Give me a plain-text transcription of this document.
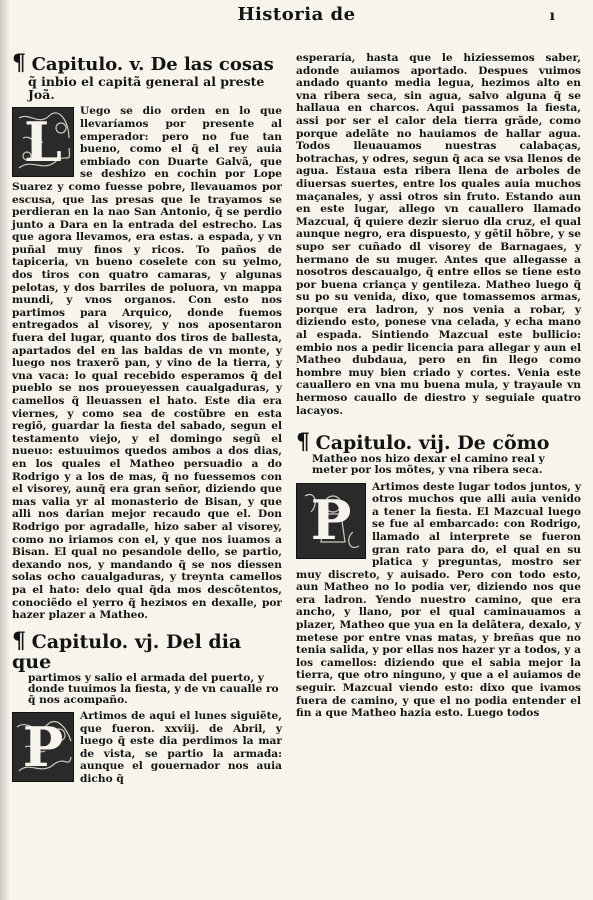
Historia de	ı
¶ Capitulo. v. De las cosas
q̃ inbio el capitã general al preste Joã.
L	Uego se dio orden en lo que llevaríamos por presente al emperador: pero no fue tan bueno, como el q̃ el rey auia embiado con Duarte Galvã, que se deshizo en cochin por Lope Suarez y como fuesse pobre, llevauamos por escusa, que las presas que le trayamos se perdieran en la nao San Antonio, q̃ se perdio junto a Dara en la entrada del estrecho. Las que agora llevamos, era estas. a espada, y vn puñal muy finos y ricos. To paños de tapiceria, vn bueno coselete con su yelmo, dos tiros con quatro camaras, y algunas pelotas, y dos barriles de poluora, vn mappa mundi, y vnos organos. Con esto nos partimos para Arquico, donde fuemos entregados al visorey, y nos aposentaron fuera del lugar, quanto dos tiros de ballesta, apartados del en las baldas de vn monte, y luego nos traxerõ pan, y vino de la tierra, y vna vaca: lo qual recebido esperamos q̃ del pueblo se nos proueyessen caualgaduras, y camellos q̃ lleuassen el hato. Este dia era viernes, y como sea de costũbre en esta regiõ, guardar la fiesta del sabado, segun el testamento viejo, y el domingo segũ el nueuo: estuuimos quedos ambos a dos dias, en los quales el Matheo persuadio a do Rodrigo y a los de mas, q̃ no fuessemos con el visorey, aunq̃ era gran señor, diziendo que mas valia yr al monasterio de Bisan, y que alli nos darian mejor recaudo que el. Don Rodrigo por agradalle, hizo saber al visorey, como no iriamos con el, y que nos iuamos a Bisan. El qual no pesandole dello, se partio, dexando nos, y mandando q̃ se nos diessen solas ocho caualgaduras, y treynta camellos pa el hato: delo qual q̃da mos descõtentos, conociẽdo el yerro q̃ heziмos en dexalle, por hazer plazer a Matheo.

¶ Capitulo. vj. Del dia que
partimos y salio el armada del puerto, y donde tuuimos la fiesta, y de vn caualle ro q̃ nos acompaño.
P	Artimos de aqui el lunes siguiẽte, que fueron. xxviij. de Abril, y luego q̃ este dia perdimos la mar de vista, se partio la armada: aunque el gouernador nos auia dicho q̃

esperaría, hasta que le hiziessemos saber, adonde auiamos aportado. Despues vuimos andado quanto media legua, hezimos alto en vna ribera seca, sin agua, salvo alguna q̃ se hallaua en charcos. Aqui passamos la fiesta, assi por ser el calor dela tierra grãde, como porque adelãte no hauiamos de hallar agua. Todos lleuauamos nuestras calabaças, botrachas, y odres, segun q̃ aca se vsa llenos de agua. Estaua esta ribera llena de arboles de diuersas suertes, entre los quales auia muchos maçanales, y assi otros sin fruto. Estando aun en este lugar, allego vn cauallero llamado Mazcual, q̃ quiere dezir sieruo dla cruz, el qual aunque negro, era dispuesto, y gẽtil hõbre, y se supo ser cuñado dl visorey de Barnagaes, y hermano de su muger. Antes que allegasse a nosotros descaualgo, q̃ entre ellos se tiene esto por buena criança y gentileza. Matheo luego q̃ su po su venida, dixo, que tomassemos armas, porque era ladron, y nos venia a robar, y diziendo esto, ponese vna celada, y echa mano al espada. Sintiendo Mazcual este bullicio: embio nos a pedir licencia para allegar y aun el Matheo dubdaua, pero en fin llego como hombre muy bien criado y cortes. Venia este cauallero en vna mu buena mula, y trayaule vn hermoso cauallo de diestro y seguiale quatro lacayos.

¶ Capitulo. vij. De cõmo
Matheo nos hizo dexar el camino real y meter por los mõtes, y vna ribera seca.
P

Artimos deste lugar todos juntos, y otros muchos que alli auia venido a tener la fiesta. El Mazcual luego se fue al embarcado: con Rodrigo, llamado al interprete se fueron gran rato para do, el qual en su platica y preguntas, mostro ser muy discreto, y auisado. Pero con todo esto, aun Matheo no lo podia ver, diziendo nos que era ladron. Yendo nuestro camino, que era ancho, y llano, por el qual caminauamos a plazer, Matheo que yua en la delãtera, dexalo, y metese por entre vnas matas, y breñas que no tenia salida, y por ellas nos hazer yr a todos, y a los camellos: diziendo que el sabia mejor la tierra, que otro ninguno, y que a el auiamos de seguir. Mazcual viendo esto: dixo que ivamos fuera de camino, y que el no podia entender el fin a que Matheo hazia esto. Luego todos
